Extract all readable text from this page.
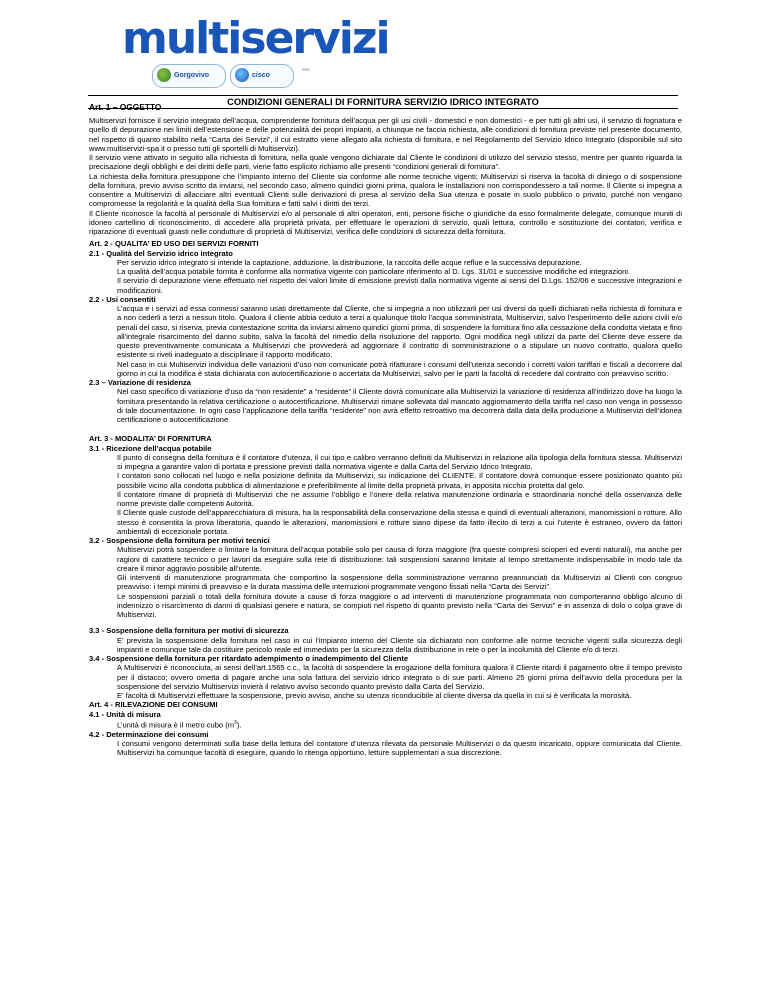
multiservizi
SPA
Gorgovivo	cisco
CONDIZIONI GENERALI DI FORNITURA SERVIZIO IDRICO INTEGRATO
Art. 1 – OGGETTO

Multiservizi fornisce il servizio integrato dell’acqua, comprendente fornitura dell’acqua per gli usi civili - domestici e non domestici - e per tutti gli altri usi, il servizio di fognatura e quello di depurazione nei limiti dell’estensione e delle potenzialità dei propri impianti, a chiunque ne faccia richiesta, alle condizioni di fornitura previste nel presente documento, nel rispetto di quanto stabilito nella “Carta dei Servizi”, il cui estratto viene allegato alla richiesta di fornitura, e nel Regolamento del Servizio Idrico Integrato (disponibile sul sito www.multiservizi-spa.it o presso tutti gli sportelli di Multiservizi).

Il servizio viene attivato in seguito alla richiesta di fornitura, nella quale vengono dichiarate dal Cliente le condizioni di utilizzo del servizio stesso, mentre per quanto riguarda la precisazione degli obblighi e dei diritti delle parti, viene fatto esplicito richiamo alle presenti “condizioni generali di fornitura”.

La richiesta della fornitura presuppone che l’impianto interno del Cliente sia conforme alle norme tecniche vigenti; Multiservizi si riserva la facoltà di diniego o di sospensione della fornitura, previo avviso scritto da inviarsi, nel secondo caso, almeno quindici giorni prima, qualora le installazioni non corrispondessero a tali norme. Il Cliente si impegna a consentire a Multiservizi di allacciare altri eventuali Clienti sulle derivazioni di presa al servizio della Sua utenza e posate in suolo pubblico o privato, purché non vengano compromesse la regolarità e la qualità della Sua fornitura e fatti salvi i diritti dei terzi.

Il Cliente riconosce la facoltà al personale di Multiservizi e/o al personale di altri operatori, enti, persone fisiche o giuridiche da esso formalmente delegate, comunque muniti di idoneo cartellino di riconoscimento, di accedere alla proprietà privata, per effettuare le operazioni di servizio, quali lettura, controllo e sostituzione dei contatori, verifica e riparazione di eventuali guasti nelle condutture di proprietà di Multiservizi, verifica delle condizioni di sicurezza della fornitura.

Art. 2 - QUALITA’ ED USO DEI SERVIZI FORNITI

2.1 - Qualità del Servizio idrico integrato

Per servizio idrico integrato si intende la captazione, adduzione, la distribuzione, la raccolta delle acque reflue e la successiva depurazione.

La qualità dell’acqua potabile fornita è conforme alla normativa vigente con particolare riferimento al D. Lgs. 31/01 e successive modifiche ed integrazioni.

Il servizio di depurazione viene effettuato nel rispetto dei valori limite di emissione previsti dalla normativa vigente ai sensi del D.Lgs. 152/06 e successive integrazioni e modificazioni.

2.2 - Usi consentiti

L’acqua e i servizi ad essa connessi saranno usati direttamente dal Cliente, che si impegna a non utilizzarli per usi diversi da quelli dichiarati nella richiesta di fornitura e a non cederli a terzi a nessun titolo. Qualora il cliente abbia ceduto a terzi a qualunque titolo l’acqua somministrata, Multiservizi, salvo l’esperimento delle azioni civili e/o penali del caso, si riserva, previa contestazione scritta da inviarsi almeno quindici giorni prima, di sospendere la fornitura fino alla cessazione della condotta vietata e fino all’integrale risarcimento del danno subito, salva la facoltà del rimedio della risoluzione del rapporto. Ogni modifica negli utilizzi da parte del Cliente deve essere da questo preventivamente comunicata a Multiservizi che provvederà ad aggiornare il contratto di somministrazione o a stipulare un nuovo contratto, qualora quello esistente si riveli inadeguato a disciplinare il rapporto modificato.

Nel caso in cui Multiservizi individua delle variazioni d’uso non comunicate potrà rifatturare i consumi dell’utenza secondo i corretti valori tariffari e fiscali a decorrere dal giorno in cui la modifica è stata dichiarata con autocertificazione o accertata da Multiservizi, salvo per le parti la facoltà di recedere dal contratto con preavviso scritto.

2.3 – Variazione di residenza

Nel caso specifico di variazione d’uso da “non residente” a “residente” il Cliente dovrà comunicare alla Multiservizi la variazione di residenza all’indirizzo dove ha luogo la fornitura presentando la relativa certificazione o autocertificazione. Multiservizi rimane sollevata dal mancato aggiornamento della tariffa nel caso non venga in possesso di tale documentazione. In ogni caso l’applicazione della tariffa “residente” non avrà effetto retroattivo ma decorrerà dalla data della produzione a Multiservizi dell’idonea certificazione o autocertificazione

Art. 3 - MODALITA’ DI FORNITURA

3.1 - Ricezione dell’acqua potabile

Il punto di consegna della fornitura è il contatore d’utenza, il cui tipo e calibro verranno definiti da Multiservizi in relazione alla tipologia della fornitura stessa. Multiservizi si impegna a garantire valori di portata e pressione previsti dalla normativa vigente e dalla Carta del Servizio Idrico Integrato.

I contatori sono collocati nel luogo e nella posizione definita da Multiservizi, su indicazione del CLIENTE. Il contatore dovrà comunque essere posizionato quanto più possibile vicino alla condotta pubblica di alimentazione e preferibilmente al limite della proprietà privata, in apposita nicchia protetta dal gelo.

Il contatore rimane di proprietà di Multiservizi che ne assume l’obbligo e l’onere della relativa manutenzione ordinaria e straordinaria nonché della osservanza delle norme previste dalle competenti Autorità.

Il Cliente quale custode dell’apparecchiatura di misura, ha la responsabilità della conservazione della stessa e quindi di eventuali alterazioni, manomissioni o rotture. Allo stesso è consentita la prova liberatoria, quando le alterazioni, manomissioni e rotture siano dipese da fatto illecito di terzi a cui l’utente è estraneo, ovvero da fattori ambientali di eccezionale portata.

3.2 - Sospensione della fornitura per motivi tecnici

Multiservizi potrà sospendere o limitare la fornitura dell’acqua potabile solo per causa di forza maggiore (fra queste compresi scioperi ed eventi naturali), ma anche per ragioni di carattere tecnico o per lavori da eseguire sulla rete di distribuzione: tali sospensioni saranno limitate al tempo strettamente indispensabile in modo tale da creare il minor aggravio possibile all’utente.

Gli interventi di manutenzione programmata che comportino la sospensione della somministrazione verranno preannunciati da Multiservizi ai Clienti con congruo preavviso: i tempi minimi di preavviso e la durata massima delle interruzioni programmate vengono fissati nella “Carta dei Servizi”.

Le sospensioni parziali o totali della fornitura dovute a cause di forza maggiore o ad interventi di manutenzione programmata non comporteranno obbligo alcuno di indennizzo o risarcimento di danni di qualsiasi genere e natura, se compiuti nel rispetto di quanto previsto nella “Carta dei Servizi” e in assenza di dolo o colpa grave di Multiservizi.

3.3 - Sospensione della fornitura per motivi di sicurezza

E’ prevista la sospensione della fornitura nel caso in cui l’impianto interno del Cliente sia dichiarato non conforme alle norme tecniche vigenti sulla sicurezza degli impianti e comunque tale da costituire pericolo reale ed immediato per la sicurezza della distribuzione in rete o per la incolumità del Cliente e/o di terzi.

3.4 - Sospensione della fornitura per ritardato adempimento o inadempimento del Cliente

A Multiservizi è riconosciuta, ai sensi dell’art.1565 c.c., la facoltà di sospendere la erogazione della fornitura qualora il Cliente ritardi il pagamento oltre il tempo previsto per il distacco; ovvero ometta di pagare anche una sola fattura del servizio idrico integrato o di sue parti. Almeno 25 giorni prima dell’avvio della procedura per la sospensione del servizio Multiservizi invierà il relativo avviso secondo quanto previsto dalla Carta del Servizio.

E’ facoltà di Multiservizi effettuare la sospensione, previo avviso, anche su utenza riconducibile al cliente diversa da quella in cui si è verificata la morosità.

Art. 4 - RILEVAZIONE DEI CONSUMI

4.1 - Unità di misura

L’unità di misura è il metro cubo $(m^3)$.

4.2 - Determinazione dei consumi

I consumi vengono determinati sulla base della lettura del contatore d’utenza rilevata da personale Multiservizi o da questo incaricato, oppure comunicata dal Cliente. Multiservizi ha comunque facoltà di eseguire, quando lo ritenga opportuno, letture supplementari a sua discrezione.
